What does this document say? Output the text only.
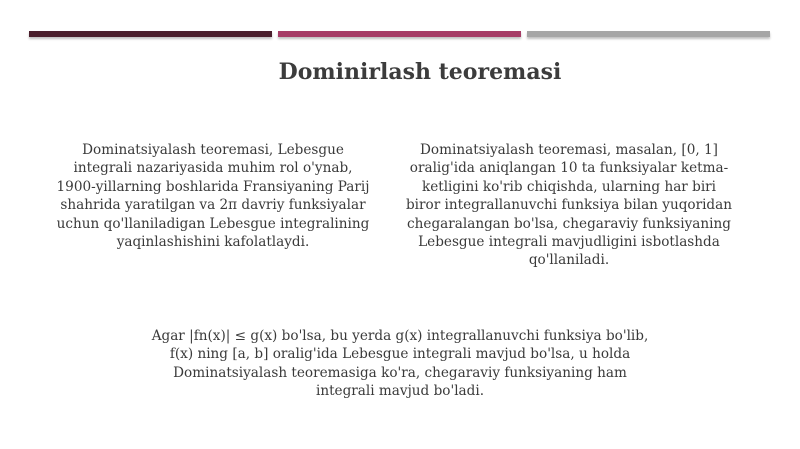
Dominirlash teoremasi
Dominatsiyalash teoremasi, Lebesgue integrali nazariyasida muhim rol o'ynab, 1900-yillarning boshlarida Fransiyaning Parij shahrida yaratilgan va 2π davriy funksiyalar uchun qo'llaniladigan Lebesgue integralining yaqinlashishini kafolatlaydi.
Dominatsiyalash teoremasi, masalan, [0, 1] oralig'ida aniqlangan 10 ta funksiyalar ketma-ketligini ko'rib chiqishda, ularning har biri biror integrallanuvchi funksiya bilan yuqoridan chegaralangan bo'lsa, chegaraviy funksiyaning Lebesgue integrali mavjudligini isbotlashda qo'llaniladi.
Agar |fn(x)| ≤ g(x) bo'lsa, bu yerda g(x) integrallanuvchi funksiya bo'lib, f(x) ning [a, b] oralig'ida Lebesgue integrali mavjud bo'lsa, u holda Dominatsiyalash teoremasiga ko'ra, chegaraviy funksiyaning ham integrali mavjud bo'ladi.
